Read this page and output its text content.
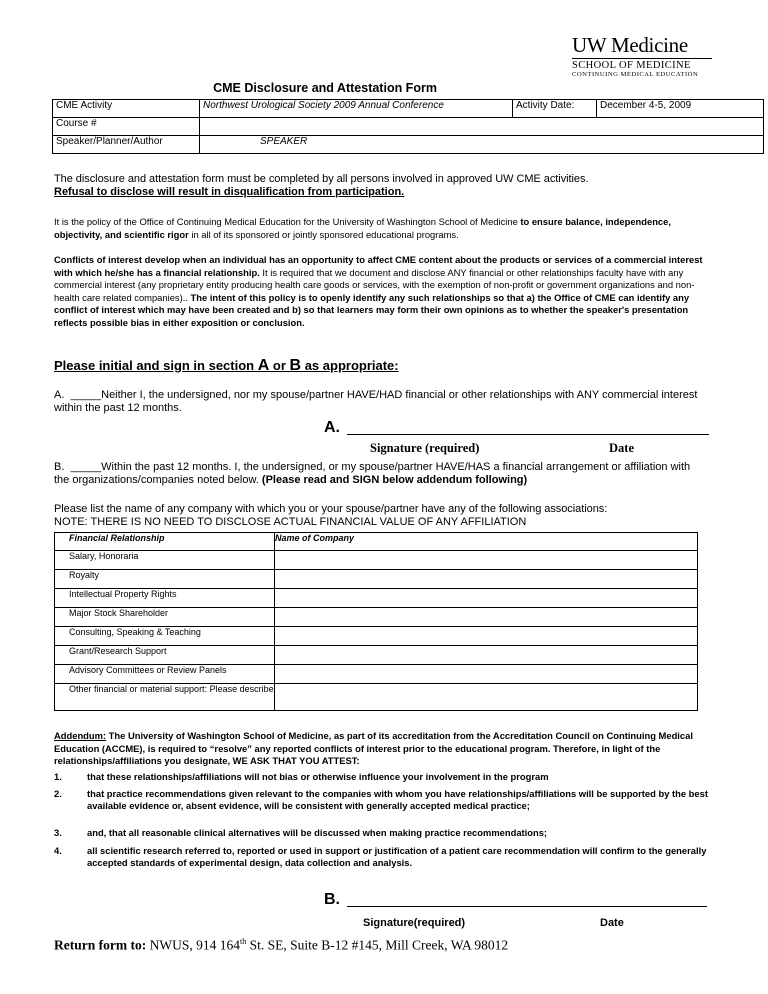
UW Medicine
SCHOOL OF MEDICINE
CONTINUING MEDICAL EDUCATION
CME Disclosure and Attestation Form
CME Activity	Northwest Urological Society 2009 Annual Conference	Activity Date:	December 4-5, 2009
Course #			
Speaker/Planner/Author	SPEAKER		
The disclosure and attestation form must be completed by all persons involved in approved UW CME activities.
Refusal to disclose will result in disqualification from participation.
It is the policy of the Office of Continuing Medical Education for the University of Washington School of Medicine to ensure balance, independence, objectivity, and scientific rigor in all of its sponsored or jointly sponsored educational programs.
Conflicts of interest develop when an individual has an opportunity to affect CME content about the products or services of a commercial interest with which he/she has a financial relationship. It is required that we document and disclose ANY financial or other relationships faculty have with any commercial interest (any proprietary entity producing health care goods or services, with the exemption of non-profit or government organizations and non-health care related companies).. The intent of this policy is to openly identify any such relationships so that a) the Office of CME can identify any conflict of interest which may have been created and b) so that learners may form their own opinions as to whether the speaker's presentation reflects possible bias in either exposition or conclusion.
Please initial and sign in section A or B as appropriate:
A. _____Neither I, the undersigned, nor my spouse/partner HAVE/HAD financial or other relationships with ANY commercial interest within the past 12 months.
A.
Signature (required)	Date
B. _____Within the past 12 months. I, the undersigned, or my spouse/partner HAVE/HAS a financial arrangement or affiliation with the organizations/companies noted below. (Please read and SIGN below addendum following)
Please list the name of any company with which you or your spouse/partner have any of the following associations:
NOTE: THERE IS NO NEED TO DISCLOSE ACTUAL FINANCIAL VALUE OF ANY AFFILIATION
Financial Relationship	Name of Company
Salary, Honoraria	
Royalty	
Intellectual Property Rights	
Major Stock Shareholder	
Consulting, Speaking & Teaching	
Grant/Research Support	
Advisory Committees or Review Panels	
Other financial or material support: Please describe	
Addendum: The University of Washington School of Medicine, as part of its accreditation from the Accreditation Council on Continuing Medical Education (ACCME), is required to “resolve” any reported conflicts of interest prior to the educational program. Therefore, in light of the relationships/affiliations you designate, WE ASK THAT YOU ATTEST:
1.	that these relationships/affiliations will not bias or otherwise influence your involvement in the program
2.	that practice recommendations given relevant to the companies with whom you have relationships/affiliations will be supported by the best available evidence or, absent evidence, will be consistent with generally accepted medical practice;
3.	and, that all reasonable clinical alternatives will be discussed when making practice recommendations;
4.	all scientific research referred to, reported or used in support or justification of a patient care recommendation will confirm to the generally accepted standards of experimental design, data collection and analysis.
B.
Signature(required)	Date
Return form to: NWUS, 914 164th St. SE, Suite B-12 #145, Mill Creek, WA 98012
